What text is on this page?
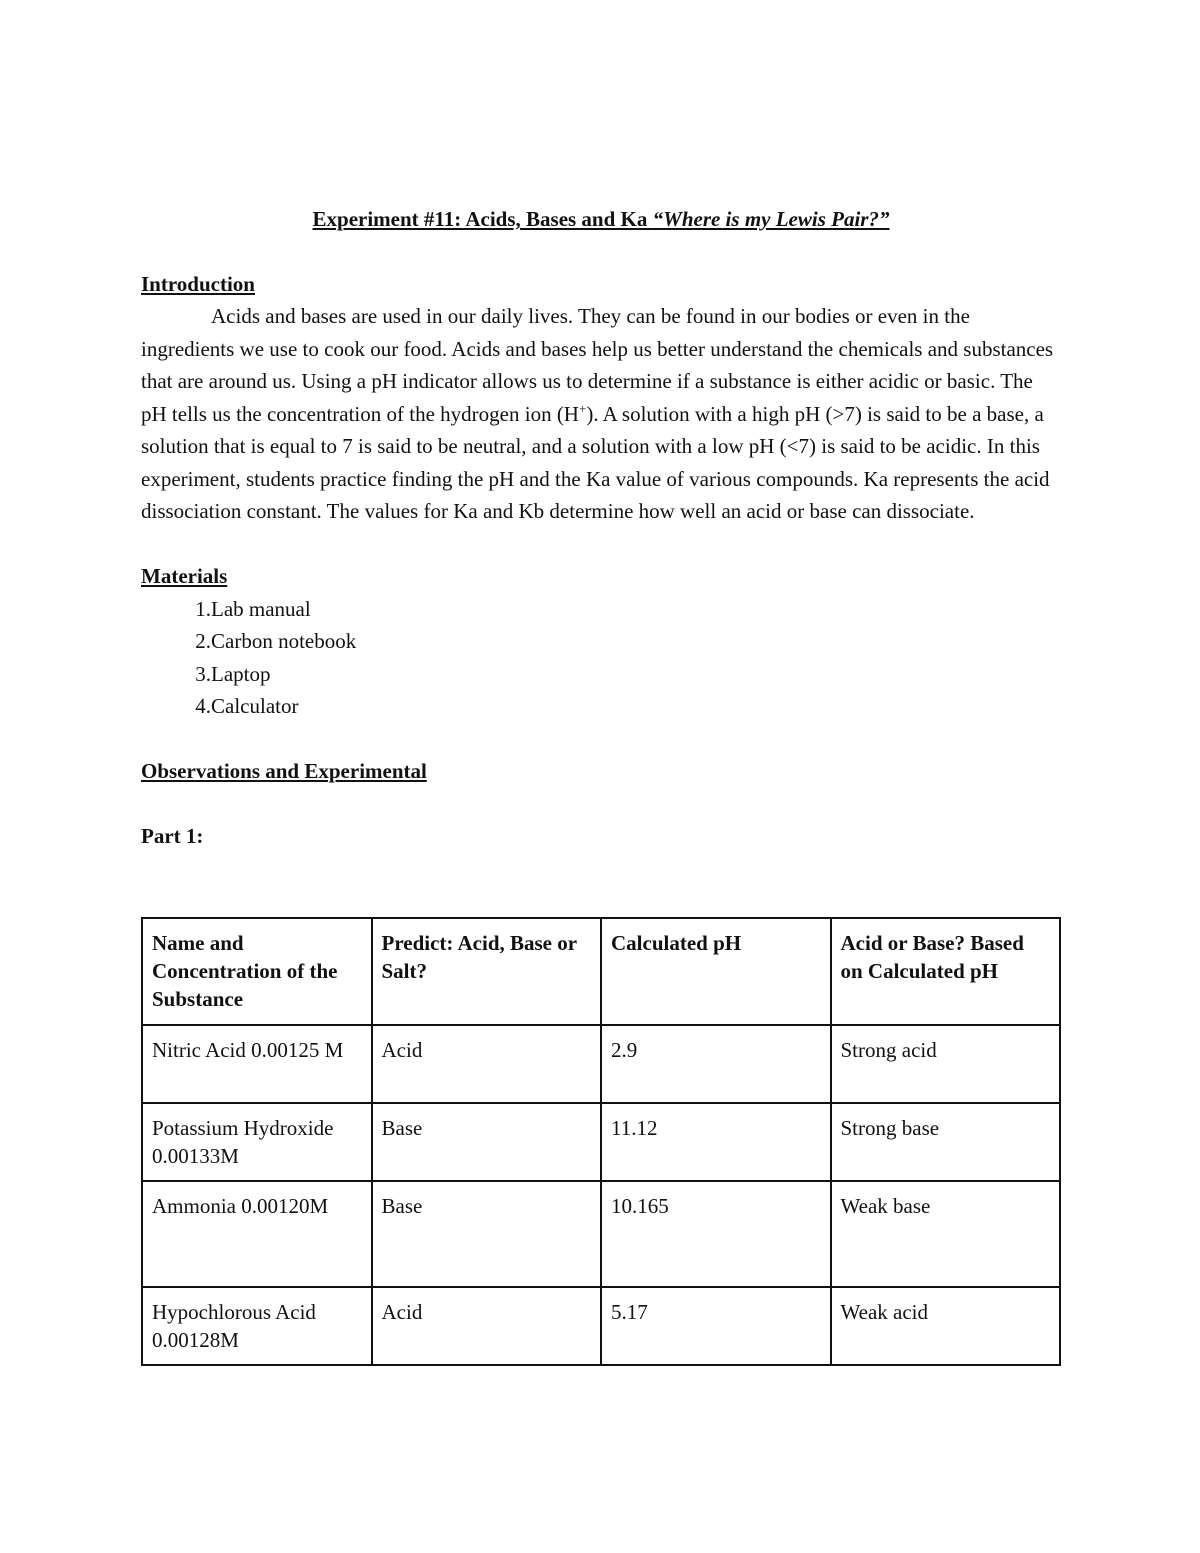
Experiment #11: Acids, Bases and Ka “Where is my Lewis Pair?”

Introduction

Acids and bases are used in our daily lives. They can be found in our bodies or even in the ingredients we use to cook our food. Acids and bases help us better understand the chemicals and substances that are around us. Using a pH indicator allows us to determine if a substance is either acidic or basic. The pH tells us the concentration of the hydrogen ion (H+). A solution with a high pH (>7) is said to be a base, a solution that is equal to 7 is said to be neutral, and a solution with a low pH (<7) is said to be acidic. In this experiment, students practice finding the pH and the Ka value of various compounds. Ka represents the acid dissociation constant. The values for Ka and Kb determine how well an acid or base can dissociate.

Materials

1. Lab manual
2. Carbon notebook
3. Laptop
4. Calculator

Observations and Experimental

Part 1:

Name and Concentration of the Substance	Predict: Acid, Base or Salt?	Calculated pH	Acid or Base? Based on Calculated pH
Nitric Acid 0.00125 M	Acid	2.9	Strong acid
Potassium Hydroxide 0.00133M	Base	11.12	Strong base
Ammonia 0.00120M	Base	10.165	Weak base
Hypochlorous Acid 0.00128M	Acid	5.17	Weak acid
